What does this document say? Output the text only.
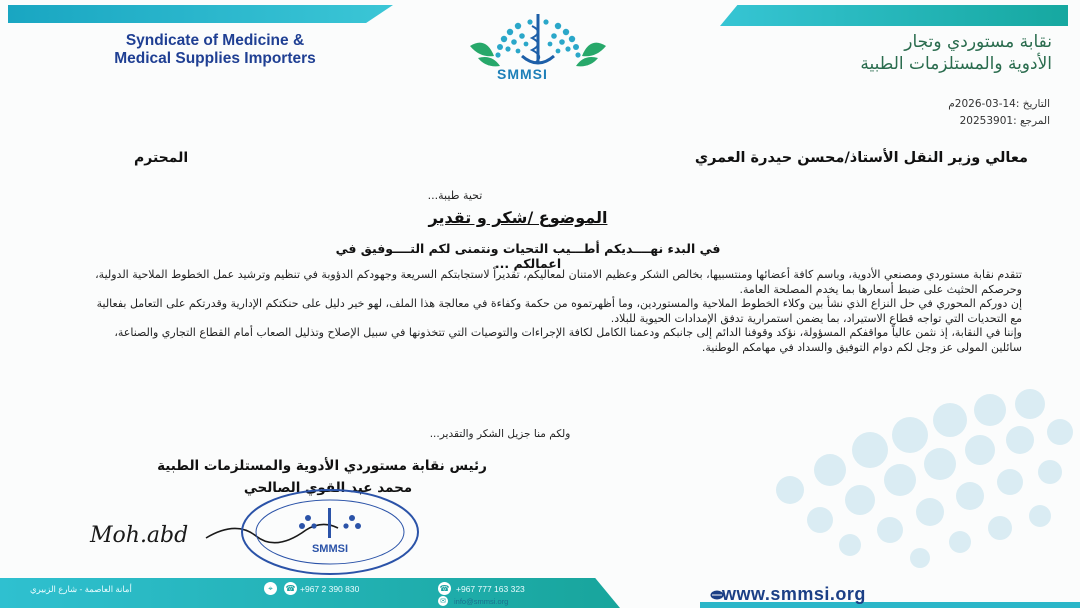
Syndicate of Medicine &
Medical Supplies Importers
نقابة مستوردي وتجار
الأدوية والمستلزمات الطبية
SMMSI
التاريخ :14-03-2026م
المرجع :20253901
معالي وزير النقل الأستاذ/محسن حيدرة العمري
المحترم
تحية طيبة...
الموضوع /شكر و تقدير
في البدء نهــــديكم أطـــيب التحيات ونتمنى لكم التــــوفيق في اعمالكم ...

تتقدم نقابة مستوردي ومصنعي الأدوية، وباسم كافة أعضائها ومنتسبيها، بخالص الشكر وعظيم الامتنان لمعاليكم، تقديراً لاستجابتكم السريعة وجهودكم الدؤوبة في تنظيم وترشيد عمل الخطوط الملاحية الدولية، وحرصكم الحثيث على ضبط أسعارها بما يخدم المصلحة العامة.

إن دوركم المحوري في حل النزاع الذي نشأ بين وكلاء الخطوط الملاحية والمستوردين، وما أظهرتموه من حكمة وكفاءة في معالجة هذا الملف، لهو خير دليل على حنكتكم الإدارية وقدرتكم على التعامل بفعالية مع التحديات التي تواجه قطاع الاستيراد، بما يضمن استمرارية تدفق الإمدادات الحيوية للبلاد.

وإننا في النقابة، إذ نثمن عالياً مواقفكم المسؤولة، نؤكد وقوفنا الدائم إلى جانبكم ودعمنا الكامل لكافة الإجراءات والتوصيات التي تتخذونها في سبيل الإصلاح وتذليل الصعاب أمام القطاع التجاري والصناعة، سائلين المولى عز وجل لكم دوام التوفيق والسداد في مهامكم الوطنية.

ولكم منا جزيل الشكر والتقدير...
رئيس نقابة مستوردي الأدوية والمستلزمات الطبية
محمد عبد القوي الصالحي
Moh.abd
SMMSI
أمانة العاصمة - شارع الزبيري	⌖	☎ +967 2 390 830	☎ +967 777 163 323
info@smmsi.org
✉	www.smmsi.org
